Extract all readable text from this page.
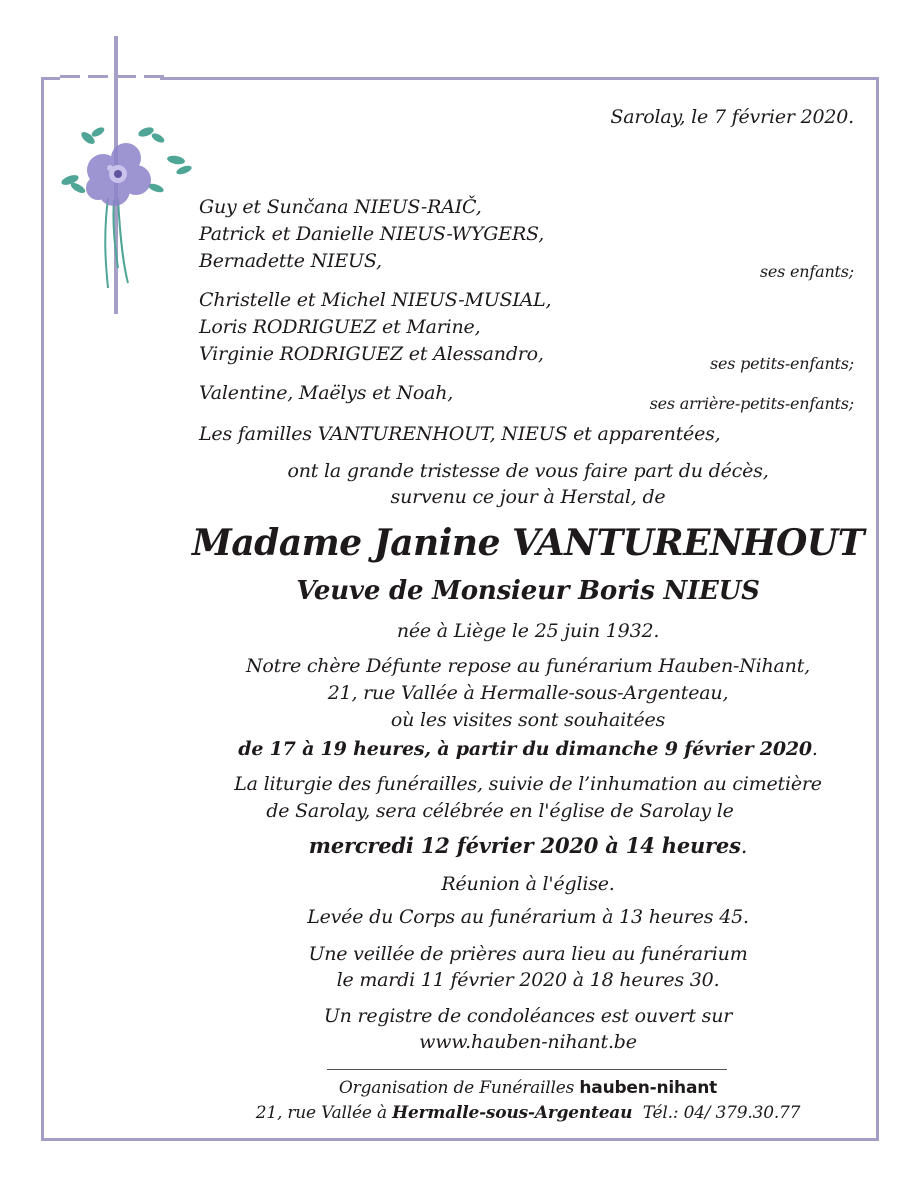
Sarolay, le 7 février 2020.
Guy et Sunčana NIEUS-RAIČ,
Patrick et Danielle NIEUS-WYGERS,
Bernadette NIEUS,	ses enfants;
Christelle et Michel NIEUS-MUSIAL,
Loris RODRIGUEZ et Marine,
Virginie RODRIGUEZ et Alessandro,	ses petits-enfants;
Valentine, Maëlys et Noah,	ses arrière-petits-enfants;
Les familles VANTURENHOUT, NIEUS et apparentées,
ont la grande tristesse de vous faire part du décès,
survenu ce jour à Herstal, de
Madame Janine VANTURENHOUT
Veuve de Monsieur Boris NIEUS
née à Liège le 25 juin 1932.
Notre chère Défunte repose au funérarium Hauben-Nihant,
21, rue Vallée à Hermalle-sous-Argenteau,
où les visites sont souhaitées
de 17 à 19 heures, à partir du dimanche 9 février 2020.
La liturgie des funérailles, suivie de l’inhumation au cimetière
de Sarolay, sera célébrée en l'église de Sarolay le
mercredi 12 février 2020 à 14 heures.
Réunion à l'église.
Levée du Corps au funérarium à 13 heures 45.
Une veillée de prières aura lieu au funérarium
le mardi 11 février 2020 à 18 heures 30.
Un registre de condoléances est ouvert sur
www.hauben-nihant.be
Organisation de Funérailles hauben-nihant
21, rue Vallée à Hermalle-sous-Argenteau Tél.: 04/ 379.30.77
